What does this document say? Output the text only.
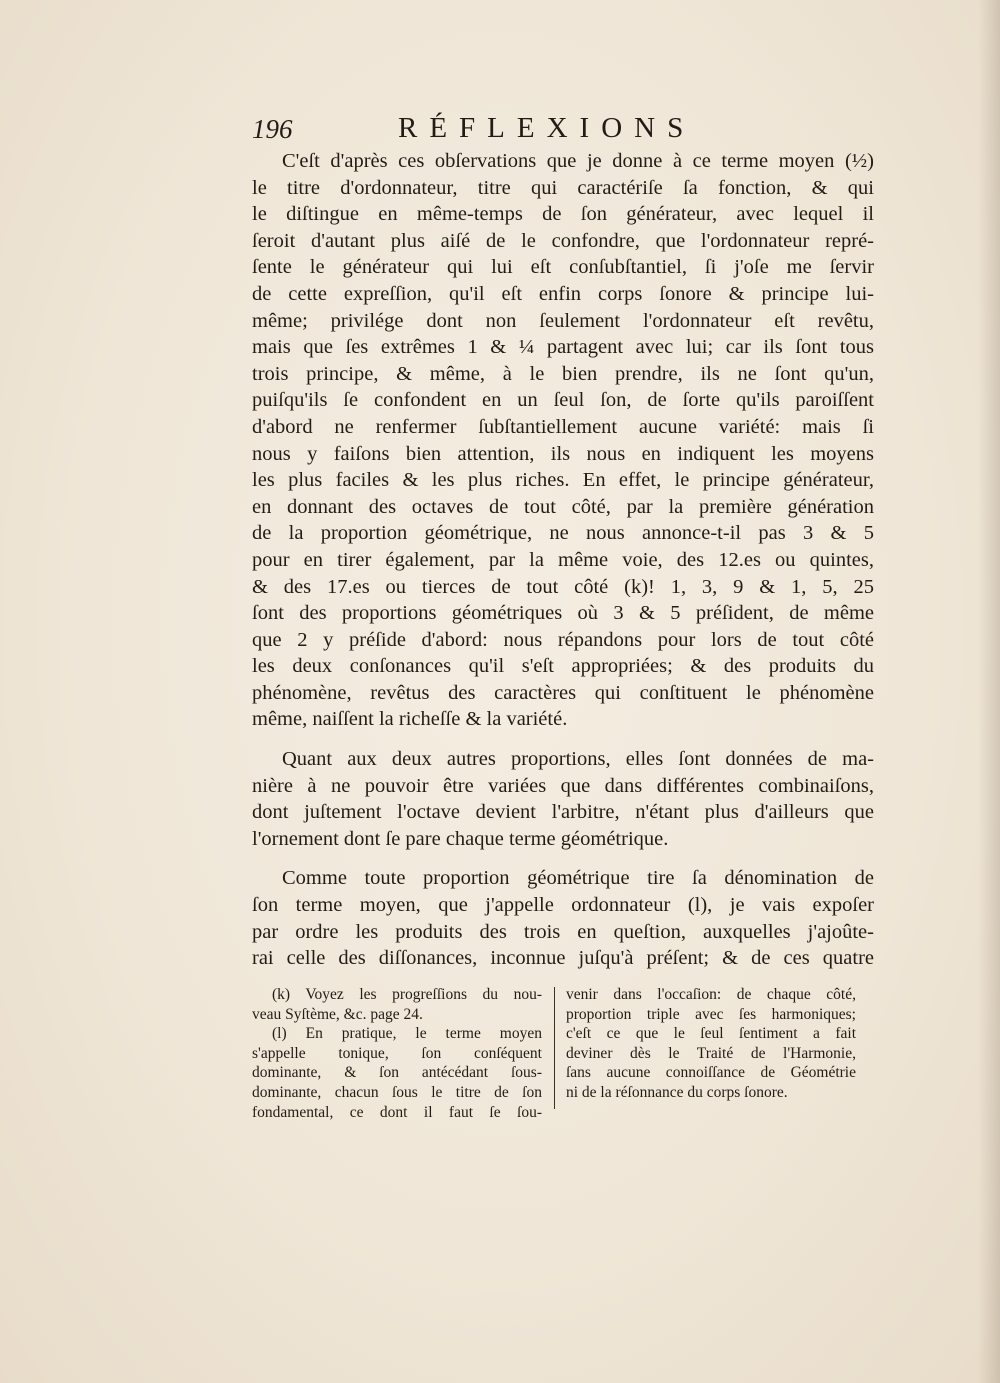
196	RÉFLEXIONS

C'eſt d'après ces obſervations que je donne à ce terme moyen (½)
le titre d'ordonnateur, titre qui caractériſe ſa fonction, & qui
le diſtingue en même-temps de ſon générateur, avec lequel il
ſeroit d'autant plus aiſé de le confondre, que l'ordonnateur repré-
ſente le générateur qui lui eſt conſubſtantiel, ſi j'oſe me ſervir
de cette expreſſion, qu'il eſt enfin corps ſonore & principe lui-
même; privilége dont non ſeulement l'ordonnateur eſt revêtu,
mais que ſes extrêmes 1 & ¼ partagent avec lui; car ils ſont tous
trois principe, & même, à le bien prendre, ils ne ſont qu'un,
puiſqu'ils ſe confondent en un ſeul ſon, de ſorte qu'ils paroiſſent
d'abord ne renfermer ſubſtantiellement aucune variété: mais ſi
nous y faiſons bien attention, ils nous en indiquent les moyens
les plus faciles & les plus riches. En effet, le principe générateur,
en donnant des octaves de tout côté, par la première génération
de la proportion géométrique, ne nous annonce-t-il pas 3 & 5
pour en tirer également, par la même voie, des 12.es ou quintes,
& des 17.es ou tierces de tout côté (k)! 1, 3, 9 & 1, 5, 25
ſont des proportions géométriques où 3 & 5 préſident, de même
que 2 y préſide d'abord: nous répandons pour lors de tout côté
les deux conſonances qu'il s'eſt appropriées; & des produits du
phénomène, revêtus des caractères qui conſtituent le phénomène
même, naiſſent la richeſſe & la variété.

Quant aux deux autres proportions, elles ſont données de ma-
nière à ne pouvoir être variées que dans différentes combinaiſons,
dont juſtement l'octave devient l'arbitre, n'étant plus d'ailleurs que
l'ornement dont ſe pare chaque terme géométrique.

Comme toute proportion géométrique tire ſa dénomination de
ſon terme moyen, que j'appelle ordonnateur (l), je vais expoſer
par ordre les produits des trois en queſtion, auxquelles j'ajoûte-
rai celle des diſſonances, inconnue juſqu'à préſent; & de ces quatre

(k) Voyez les progreſſions du nou-
veau Syſtème, &c. page 24.
(l) En pratique, le terme moyen
s'appelle tonique, ſon conſéquent
dominante, & ſon antécédant ſous-
dominante, chacun ſous le titre de ſon
fondamental, ce dont il faut ſe ſou-
venir dans l'occaſion: de chaque côté,
proportion triple avec ſes harmoniques;
c'eſt ce que le ſeul ſentiment a fait
deviner dès le Traité de l'Harmonie,
ſans aucune connoiſſance de Géométrie
ni de la réſonnance du corps ſonore.
